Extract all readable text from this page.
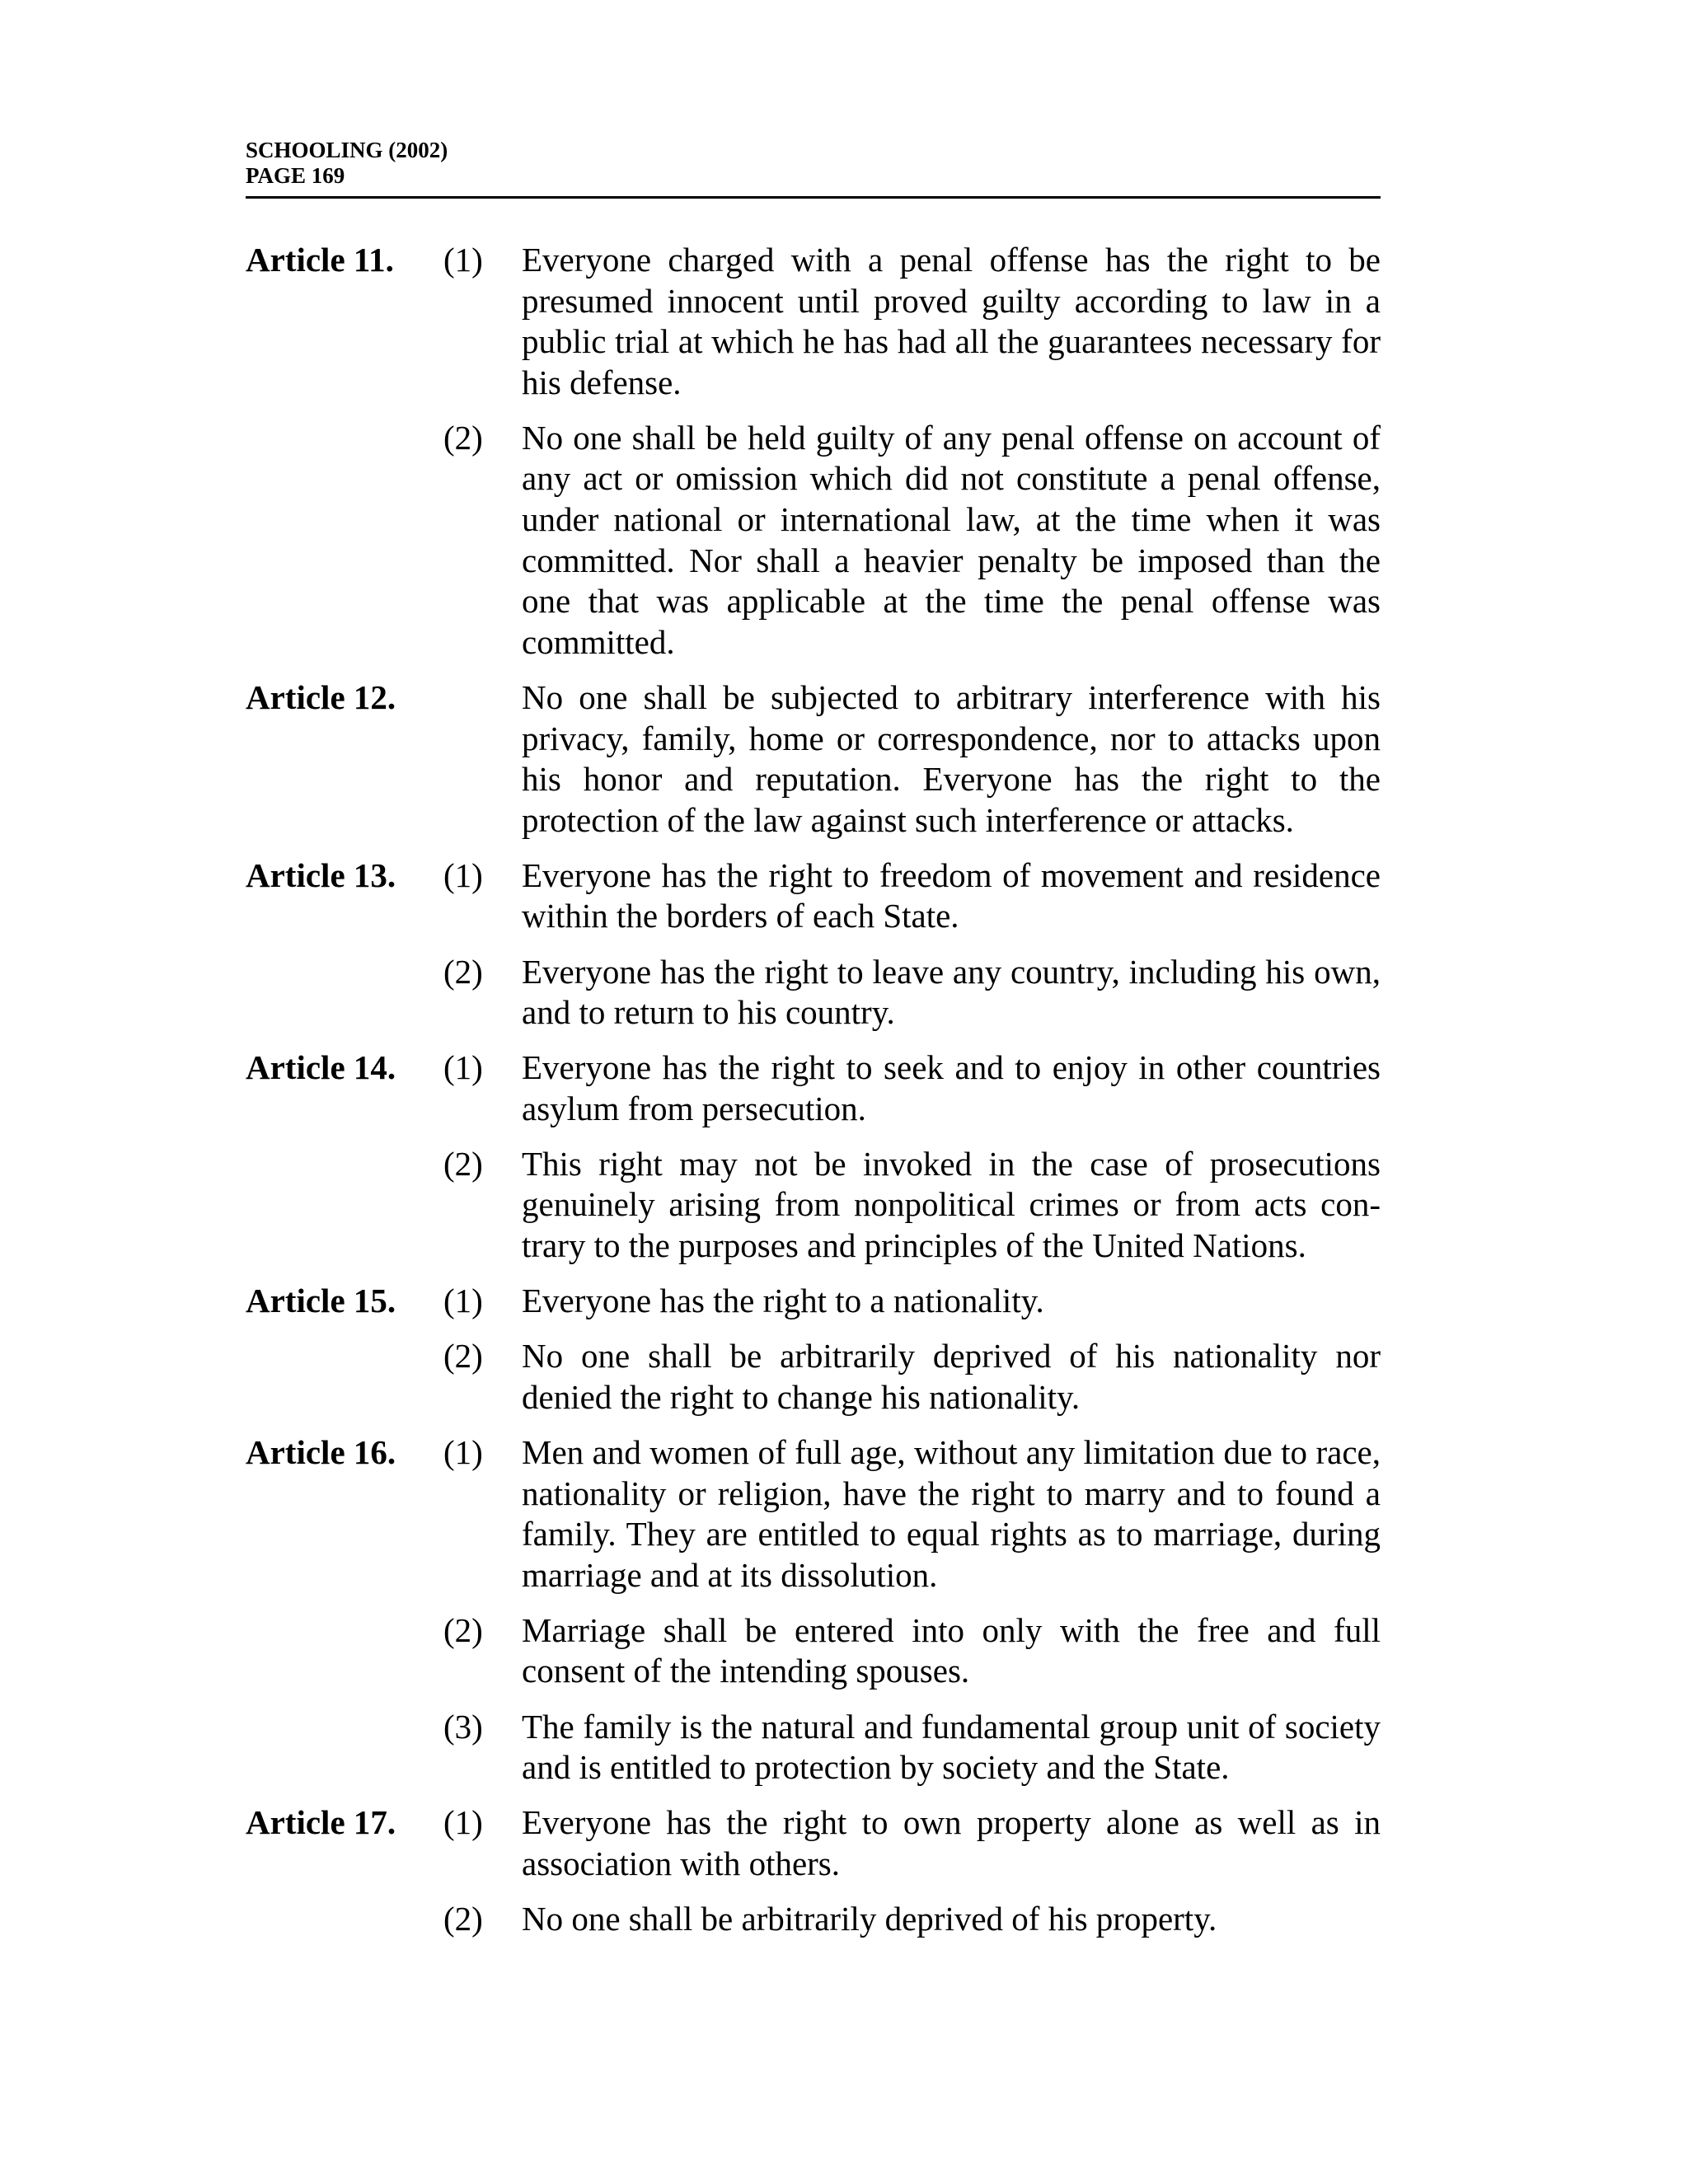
SCHOOLING (2002)

PAGE 169

Article 11.	(1)	Everyone charged with a penal offense has the right to be presumed innocent until proved guilty according to law in a public trial at which he has had all the guarantees necessary for his defense.
(2)	No one shall be held guilty of any penal offense on account of any act or omission which did not constitute a penal offense, under national or international law, at the time when it was committed. Nor shall a heavier penalty be imposed than the one that was applicable at the time the penal offense was committed.
Article 12.	No one shall be subjected to arbitrary interference with his privacy, family, home or correspondence, nor to attacks upon his honor and reputation. Everyone has the right to the protection of the law against such interference or attacks.
Article 13.	(1)	Everyone has the right to freedom of movement and residence within the borders of each State.
(2)	Everyone has the right to leave any country, including his own, and to return to his country.
Article 14.	(1)	Everyone has the right to seek and to enjoy in other countries asylum from persecution.
(2)	This right may not be invoked in the case of prosecutions genuinely arising from nonpolitical crimes or from acts contrary to the purposes and principles of the United Nations.
Article 15.	(1)	Everyone has the right to a nationality.
(2)	No one shall be arbitrarily deprived of his nationality nor denied the right to change his nationality.
Article 16.	(1)	Men and women of full age, without any limitation due to race, nationality or religion, have the right to marry and to found a family. They are entitled to equal rights as to marriage, during marriage and at its dissolution.
(2)	Marriage shall be entered into only with the free and full consent of the intending spouses.
(3)	The family is the natural and fundamental group unit of society and is entitled to protection by society and the State.
Article 17.	(1)	Everyone has the right to own property alone as well as in association with others.
(2)	No one shall be arbitrarily deprived of his property.
